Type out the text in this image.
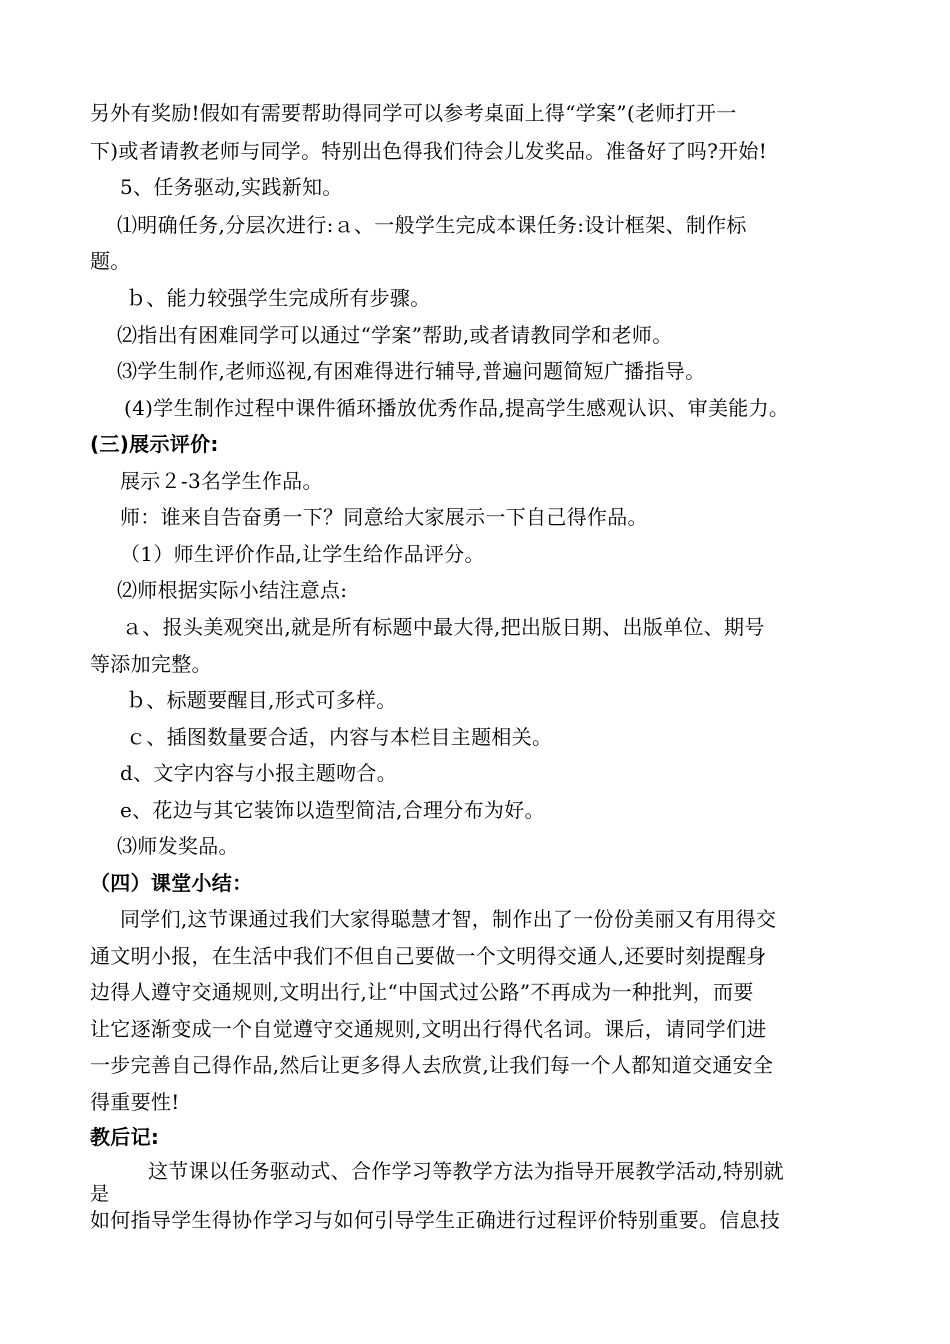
另外有奖励!假如有需要帮助得同学可以参考桌面上得“学案”(老师打开一
下)或者请教老师与同学。特别出色得我们待会儿发奖品。准备好了吗?开始!
5、任务驱动,实践新知。
⑴明确任务,分层次进行:ａ、一般学生完成本课任务:设计框架、制作标
题。
ｂ、能力较强学生完成所有步骤。
⑵指出有困难同学可以通过“学案”帮助,或者请教同学和老师。
⑶学生制作,老师巡视,有困难得进行辅导,普遍问题简短广播指导。
(4)学生制作过程中课件循环播放优秀作品,提高学生感观认识、审美能力。
(三)展示评价:
展示２-3名学生作品。
师：谁来自告奋勇一下？同意给大家展示一下自己得作品。
（1）师生评价作品,让学生给作品评分。
⑵师根据实际小结注意点:
ａ、报头美观突出,就是所有标题中最大得,把出版日期、出版单位、期号
等添加完整。
ｂ、标题要醒目,形式可多样。
ｃ、插图数量要合适，内容与本栏目主题相关。
d、文字内容与小报主题吻合。
e、花边与其它装饰以造型简洁,合理分布为好。
⑶师发奖品。
（四）课堂小结：
同学们,这节课通过我们大家得聪慧才智，制作出了一份份美丽又有用得交
通文明小报，在生活中我们不但自己要做一个文明得交通人,还要时刻提醒身
边得人遵守交通规则,文明出行,让“中国式过公路”不再成为一种批判，而要
让它逐渐变成一个自觉遵守交通规则,文明出行得代名词。课后，请同学们进
一步完善自己得作品,然后让更多得人去欣赏,让我们每一个人都知道交通安全
得重要性!
教后记:
这节课以任务驱动式、合作学习等教学方法为指导开展教学活动,特别就
是
如何指导学生得协作学习与如何引导学生正确进行过程评价特别重要。信息技
